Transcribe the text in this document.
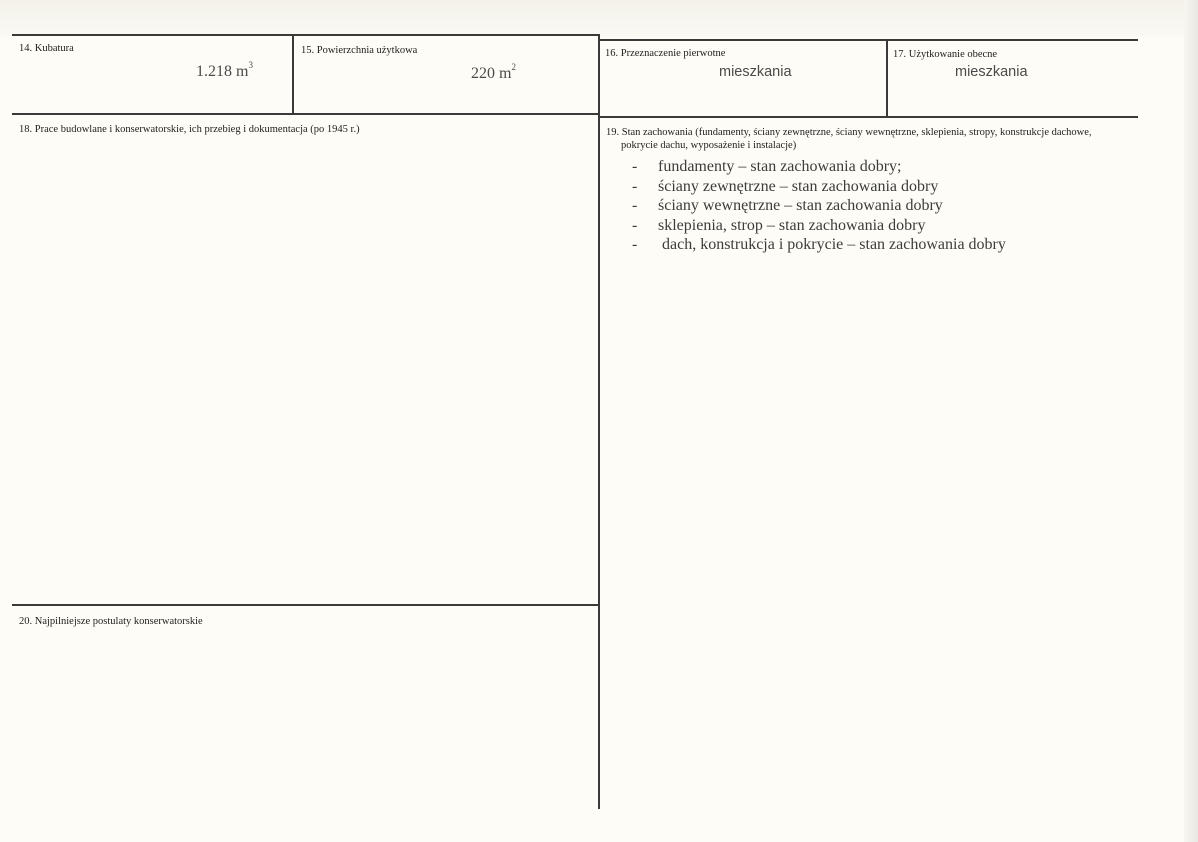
14. Kubatura
1.218 $m^3$
15. Powierzchnia użytkowa
220 $m^2$
16. Przeznaczenie pierwotne
mieszkania
17. Użytkowanie obecne
mieszkania
18. Prace budowlane i konserwatorskie, ich przebieg i dokumentacja (po 1945 r.)	19. Stan zachowania (fundamenty, ściany zewnętrzne, ściany wewnętrzne, sklepienia, stropy, konstrukcje dachowe,
pokrycie dachu, wyposażenie i instalacje)
- fundamenty – stan zachowania dobry;
- ściany zewnętrzne – stan zachowania dobry
- ściany wewnętrzne – stan zachowania dobry
- sklepienia, strop – stan zachowania dobry
- dach, konstrukcja i pokrycie – stan zachowania dobry
20. Najpilniejsze postulaty konserwatorskie
